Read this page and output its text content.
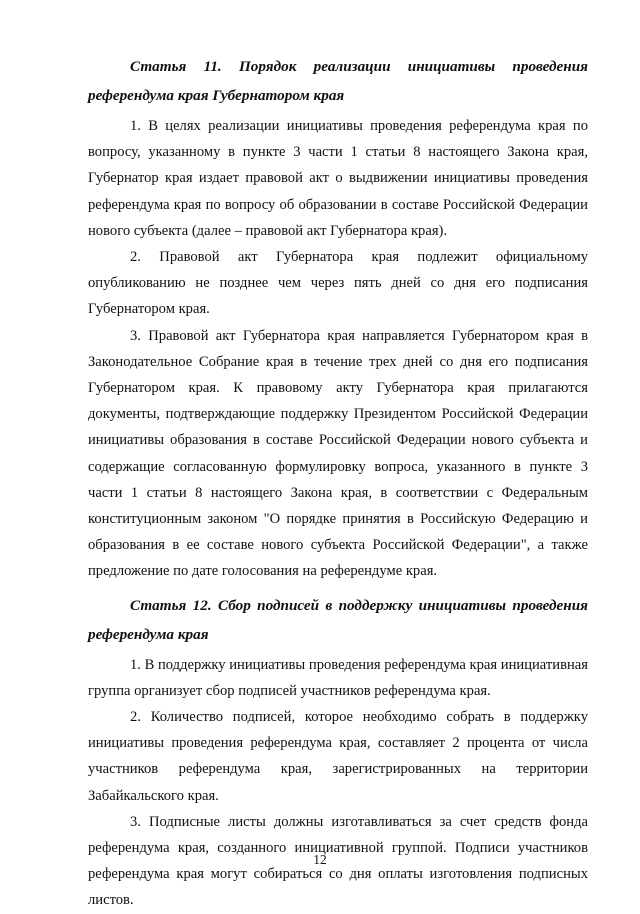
Статья 11. Порядок реализации инициативы проведения референдума края Губернатором края

1. В целях реализации инициативы проведения референдума края по вопросу, указанному в пункте 3 части 1 статьи 8 настоящего Закона края, Губернатор края издает правовой акт о выдвижении инициативы проведения референдума края по вопросу об образовании в составе Российской Федерации нового субъекта (далее – правовой акт Губернатора края).

2. Правовой акт Губернатора края подлежит официальному опубликованию не позднее чем через пять дней со дня его подписания Губернатором края.

3. Правовой акт Губернатора края направляется Губернатором края в Законодательное Собрание края в течение трех дней со дня его подписания Губернатором края. К правовому акту Губернатора края прилагаются документы, подтверждающие поддержку Президентом Российской Федерации инициативы образования в составе Российской Федерации нового субъекта и содержащие согласованную формулировку вопроса, указанного в пункте 3 части 1 статьи 8 настоящего Закона края, в соответствии с Федеральным конституционным законом "О порядке принятия в Российскую Федерацию и образования в ее составе нового субъекта Российской Федерации", а также предложение по дате голосования на референдуме края.

Статья 12. Сбор подписей в поддержку инициативы проведения референдума края

1. В поддержку инициативы проведения референдума края инициативная группа организует сбор подписей участников референдума края.

2. Количество подписей, которое необходимо собрать в поддержку инициативы проведения референдума края, составляет 2 процента от числа участников референдума края, зарегистрированных на территории Забайкальского края.

3. Подписные листы должны изготавливаться за счет средств фонда референдума края, созданного инициативной группой. Подписи участников референдума края могут собираться со дня оплаты изготовления подписных листов.

12
